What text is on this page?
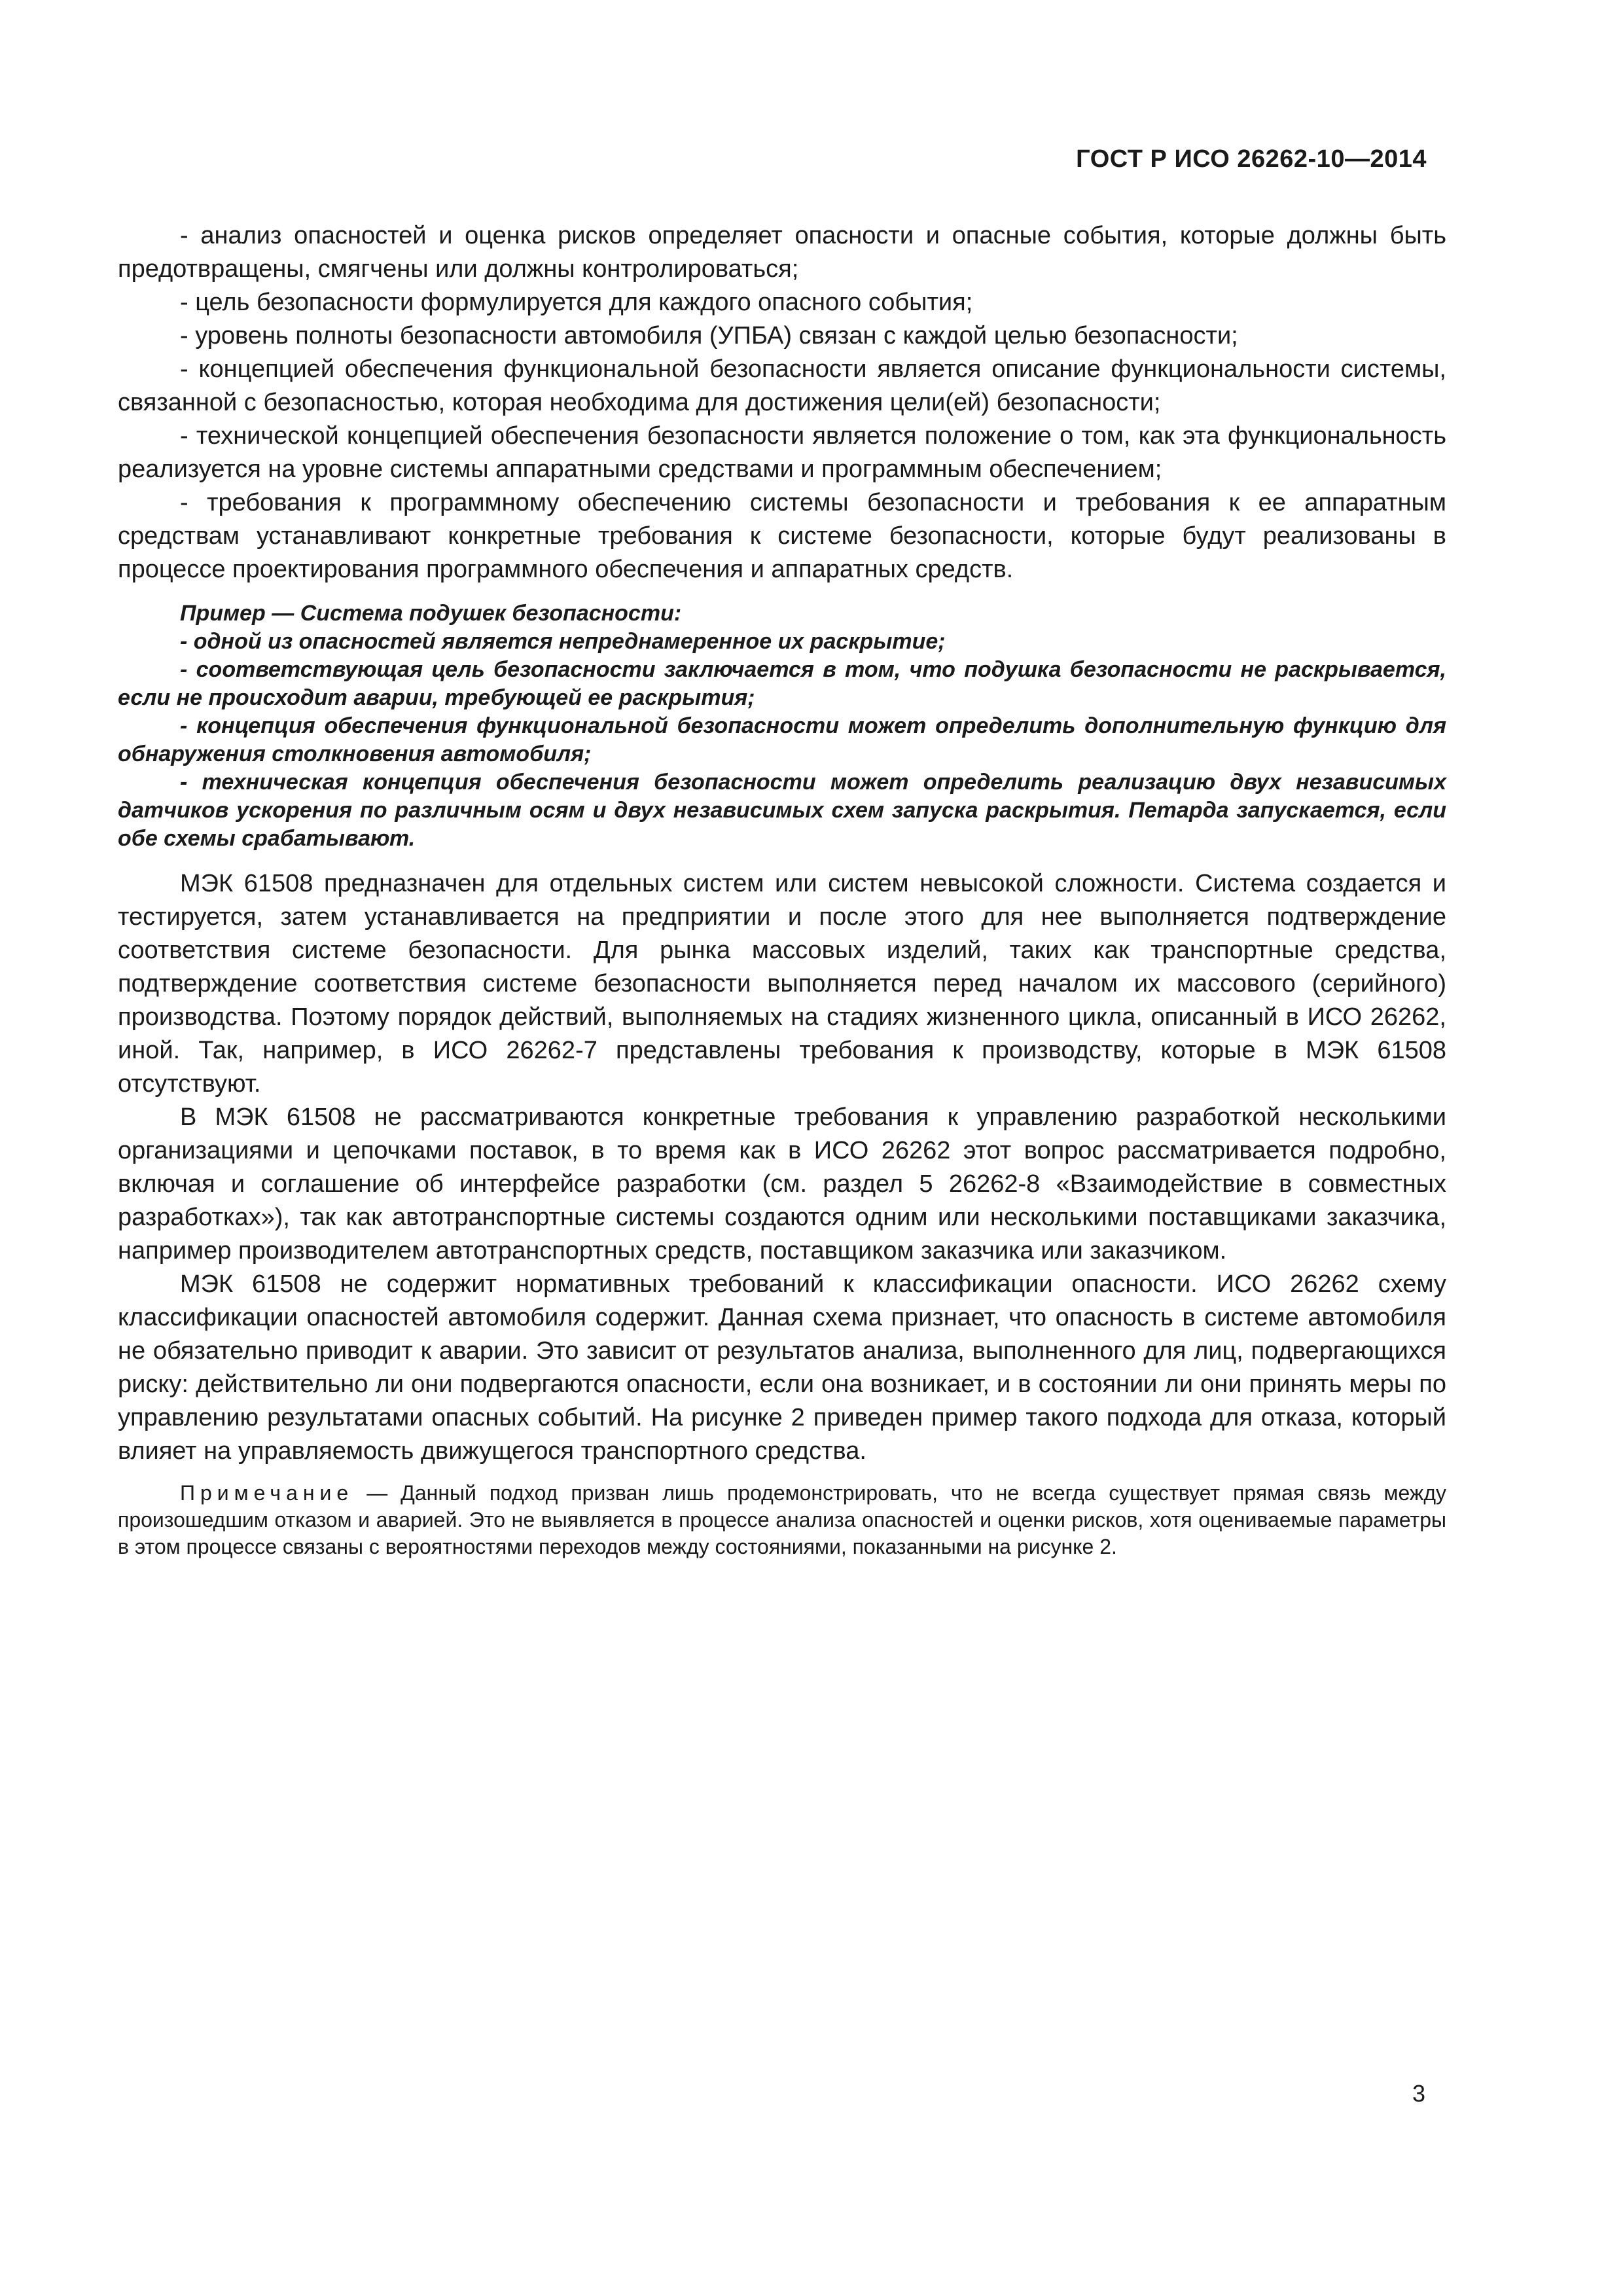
ГОСТ Р ИСО 26262-10—2014

- анализ опасностей и оценка рисков определяет опасности и опасные события, которые должны быть предотвращены, смягчены или должны контролироваться;

- цель безопасности формулируется для каждого опасного события;

- уровень полноты безопасности автомобиля (УПБА) связан с каждой целью безопасности;

- концепцией обеспечения функциональной безопасности является описание функциональности системы, связанной с безопасностью, которая необходима для достижения цели(ей) безопасности;

- технической концепцией обеспечения безопасности является положение о том, как эта функциональность реализуется на уровне системы аппаратными средствами и программным обеспечением;

- требования к программному обеспечению системы безопасности и требования к ее аппаратным средствам устанавливают конкретные требования к системе безопасности, которые будут реализованы в процессе проектирования программного обеспечения и аппаратных средств.

Пример — Система подушек безопасности:

- одной из опасностей является непреднамеренное их раскрытие;

- соответствующая цель безопасности заключается в том, что подушка безопасности не раскрывается, если не происходит аварии, требующей ее раскрытия;

- концепция обеспечения функциональной безопасности может определить дополнительную функцию для обнаружения столкновения автомобиля;

- техническая концепция обеспечения безопасности может определить реализацию двух независимых датчиков ускорения по различным осям и двух независимых схем запуска раскрытия. Петарда запускается, если обе схемы срабатывают.

МЭК 61508 предназначен для отдельных систем или систем невысокой сложности. Система создается и тестируется, затем устанавливается на предприятии и после этого для нее выполняется подтверждение соответствия системе безопасности. Для рынка массовых изделий, таких как транспортные средства, подтверждение соответствия системе безопасности выполняется перед началом их массового (серийного) производства. Поэтому порядок действий, выполняемых на стадиях жизненного цикла, описанный в ИСО 26262, иной. Так, например, в ИСО 26262-7 представлены требования к производству, которые в МЭК 61508 отсутствуют.

В МЭК 61508 не рассматриваются конкретные требования к управлению разработкой несколькими организациями и цепочками поставок, в то время как в ИСО 26262 этот вопрос рассматривается подробно, включая и соглашение об интерфейсе разработки (см. раздел 5 26262-8 «Взаимодействие в совместных разработках»), так как автотранспортные системы создаются одним или несколькими поставщиками заказчика, например производителем автотранспортных средств, поставщиком заказчика или заказчиком.

МЭК 61508 не содержит нормативных требований к классификации опасности. ИСО 26262 схему классификации опасностей автомобиля содержит. Данная схема признает, что опасность в системе автомобиля не обязательно приводит к аварии. Это зависит от результатов анализа, выполненного для лиц, подвергающихся риску: действительно ли они подвергаются опасности, если она возникает, и в состоянии ли они принять меры по управлению результатами опасных событий. На рисунке 2 приведен пример такого подхода для отказа, который влияет на управляемость движущегося транспортного средства.

Примечание — Данный подход призван лишь продемонстрировать, что не всегда существует прямая связь между произошедшим отказом и аварией. Это не выявляется в процессе анализа опасностей и оценки рисков, хотя оцениваемые параметры в этом процессе связаны с вероятностями переходов между состояниями, показанными на рисунке 2.

3
